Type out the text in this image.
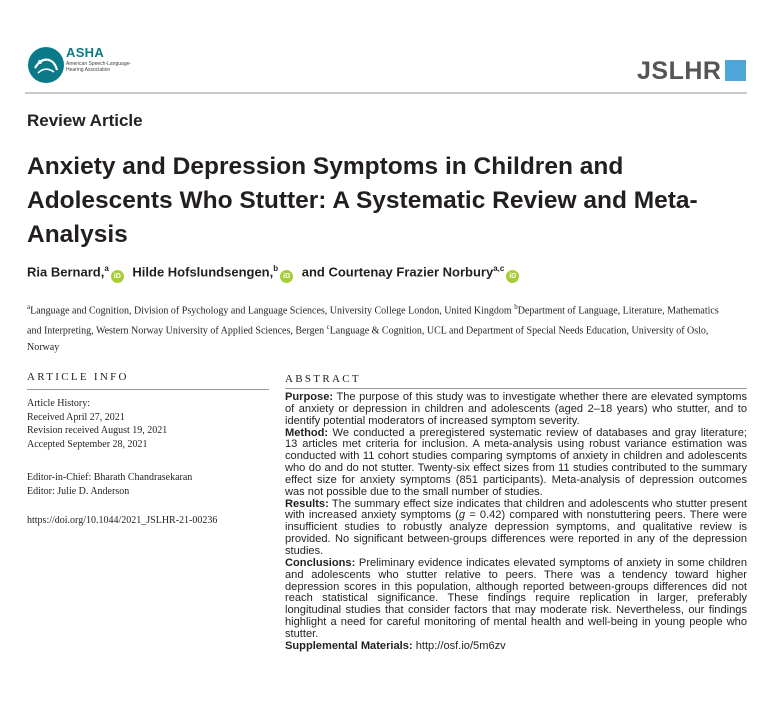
ASHA
American Speech-Language-Hearing Association	JSLHR
Review Article
Anxiety and Depression Symptoms in Children and Adolescents Who Stutter: A Systematic Review and Meta-Analysis
Ria Bernard,$^a$iD Hilde Hofslundsengen,$^b$iD and Courtenay Frazier Norbury$^{a,c}$iD
$^a$Language and Cognition, Division of Psychology and Language Sciences, University College London, United Kingdom $^b$Department of Language, Literature, Mathematics and Interpreting, Western Norway University of Applied Sciences, Bergen $^c$Language & Cognition, UCL and Department of Special Needs Education, University of Oslo, Norway
ARTICLE INFO
Article History:
Received April 27, 2021
Revision received August 19, 2021
Accepted September 28, 2021
Editor-in-Chief: Bharath Chandrasekaran
Editor: Julie D. Anderson
https://doi.org/10.1044/2021_JSLHR-21-00236
ABSTRACT

Purpose: The purpose of this study was to investigate whether there are elevated symptoms of anxiety or depression in children and adolescents (aged 2–18 years) who stutter, and to identify potential moderators of increased symptom severity.

Method: We conducted a preregistered systematic review of databases and gray literature; 13 articles met criteria for inclusion. A meta-analysis using robust variance estimation was conducted with 11 cohort studies comparing symptoms of anxiety in children and adolescents who do and do not stutter. Twenty-six effect sizes from 11 studies contributed to the summary effect size for anxiety symptoms (851 participants). Meta-analysis of depression outcomes was not possible due to the small number of studies.

Results: The summary effect size indicates that children and adolescents who stutter present with increased anxiety symptoms (g = 0.42) compared with nonstuttering peers. There were insufficient studies to robustly analyze depression symptoms, and qualitative review is provided. No significant between-groups differences were reported in any of the depression studies.

Conclusions: Preliminary evidence indicates elevated symptoms of anxiety in some children and adolescents who stutter relative to peers. There was a tendency toward higher depression scores in this population, although reported between-groups differences did not reach statistical significance. These findings require replication in larger, preferably longitudinal studies that consider factors that may moderate risk. Nevertheless, our findings highlight a need for careful monitoring of mental health and well-being in young people who stutter.

Supplemental Materials: http://osf.io/5m6zv
